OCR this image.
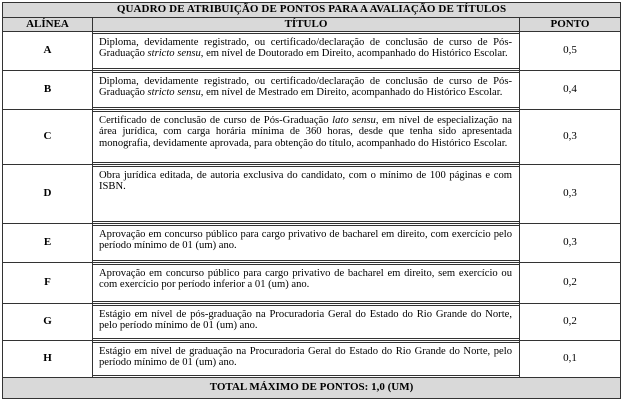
QUADRO DE ATRIBUIÇÃO DE PONTOS PARA A AVALIAÇÃO DE TÍTULOS		
ALÍNEA	TÍTULO	PONTO
A	Diploma, devidamente registrado, ou certificado/declaração de conclusão de curso de Pós-Graduação stricto sensu, em nível de Doutorado em Direito, acompanhado do Histórico Escolar.	0,5
B	Diploma, devidamente registrado, ou certificado/declaração de conclusão de curso de Pós-Graduação stricto sensu, em nível de Mestrado em Direito, acompanhado do Histórico Escolar.	0,4
C	Certificado de conclusão de curso de Pós-Graduação lato sensu, em nível de especialização na área jurídica, com carga horária mínima de 360 horas, desde que tenha sido apresentada monografia, devidamente aprovada, para obtenção do título, acompanhado do Histórico Escolar.	0,3
D	Obra jurídica editada, de autoria exclusiva do candidato, com o mínimo de 100 páginas e com ISBN.	0,3
E	Aprovação em concurso público para cargo privativo de bacharel em direito, com exercício pelo período mínimo de 01 (um) ano.	0,3
F	Aprovação em concurso público para cargo privativo de bacharel em direito, sem exercício ou com exercício por período inferior a 01 (um) ano.	0,2
G	Estágio em nível de pós-graduação na Procuradoria Geral do Estado do Rio Grande do Norte, pelo período mínimo de 01 (um) ano.	0,2
H	Estágio em nível de graduação na Procuradoria Geral do Estado do Rio Grande do Norte, pelo período mínimo de 01 (um) ano.	0,1
TOTAL MÁXIMO DE PONTOS: 1,0 (UM)		
